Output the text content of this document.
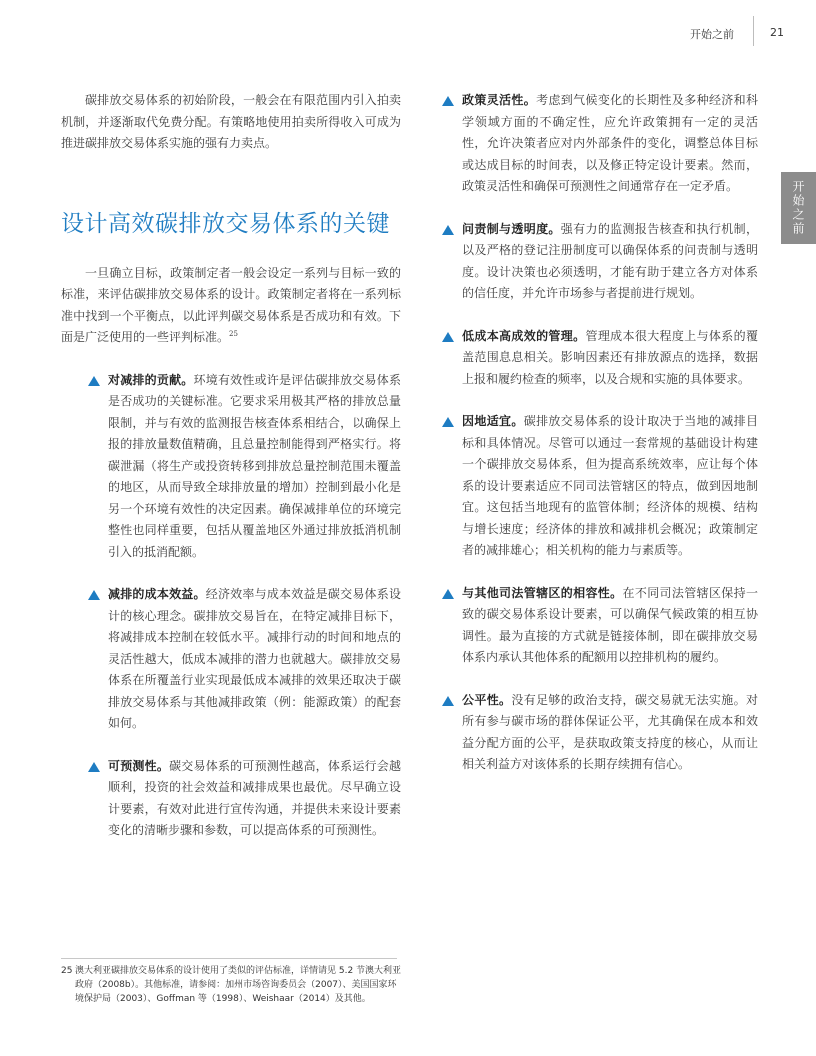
开始之前	21
开始之前

碳排放交易体系的初始阶段，一般会在有限范围内引入拍卖机制，并逐渐取代免费分配。有策略地使用拍卖所得收入可成为推进碳排放交易体系实施的强有力卖点。

设计高效碳排放交易体系的关键

一旦确立目标，政策制定者一般会设定一系列与目标一致的标准，来评估碳排放交易体系的设计。政策制定者将在一系列标准中找到一个平衡点，以此评判碳交易体系是否成功和有效。下面是广泛使用的一些评判标准。$^{25}$

对减排的贡献。环境有效性或许是评估碳排放交易体系是否成功的关键标准。它要求采用极其严格的排放总量限制，并与有效的监测报告核查体系相结合，以确保上报的排放量数值精确，且总量控制能得到严格实行。将碳泄漏（将生产或投资转移到排放总量控制范围未覆盖的地区，从而导致全球排放量的增加）控制到最小化是另一个环境有效性的决定因素。确保减排单位的环境完整性也同样重要，包括从覆盖地区外通过排放抵消机制引入的抵消配额。
减排的成本效益。经济效率与成本效益是碳交易体系设计的核心理念。碳排放交易旨在，在特定减排目标下，将减排成本控制在较低水平。减排行动的时间和地点的灵活性越大，低成本减排的潜力也就越大。碳排放交易体系在所覆盖行业实现最低成本减排的效果还取决于碳排放交易体系与其他减排政策（例：能源政策）的配套如何。
可预测性。碳交易体系的可预测性越高，体系运行会越顺利，投资的社会效益和减排成果也最优。尽早确立设计要素，有效对此进行宣传沟通，并提供未来设计要素变化的清晰步骤和参数，可以提高体系的可预测性。
政策灵活性。考虑到气候变化的长期性及多种经济和科学领域方面的不确定性，应允许政策拥有一定的灵活性，允许决策者应对内外部条件的变化，调整总体目标或达成目标的时间表，以及修正特定设计要素。然而，政策灵活性和确保可预测性之间通常存在一定矛盾。
问责制与透明度。强有力的监测报告核查和执行机制，以及严格的登记注册制度可以确保体系的问责制与透明度。设计决策也必须透明，才能有助于建立各方对体系的信任度，并允许市场参与者提前进行规划。
低成本高成效的管理。管理成本很大程度上与体系的覆盖范围息息相关。影响因素还有排放源点的选择，数据上报和履约检查的频率，以及合规和实施的具体要求。
因地适宜。碳排放交易体系的设计取决于当地的减排目标和具体情况。尽管可以通过一套常规的基础设计构建一个碳排放交易体系，但为提高系统效率，应让每个体系的设计要素适应不同司法管辖区的特点，做到因地制宜。这包括当地现有的监管体制；经济体的规模、结构与增长速度；经济体的排放和减排机会概况；政策制定者的减排雄心；相关机构的能力与素质等。
与其他司法管辖区的相容性。在不同司法管辖区保持一致的碳交易体系设计要素，可以确保气候政策的相互协调性。最为直接的方式就是链接体制，即在碳排放交易体系内承认其他体系的配额用以控排机构的履约。
公平性。没有足够的政治支持，碳交易就无法实施。对所有参与碳市场的群体保证公平，尤其确保在成本和效益分配方面的公平，是获取政策支持度的核心，从而让相关利益方对该体系的长期存续拥有信心。
25 澳大利亚碳排放交易体系的设计使用了类似的评估标准，详情请见 5.2 节澳大利亚政府（2008b）。其他标准，请参阅：加州市场咨询委员会（2007）、美国国家环境保护局（2003）、Goffman 等（1998）、Weishaar（2014）及其他。
